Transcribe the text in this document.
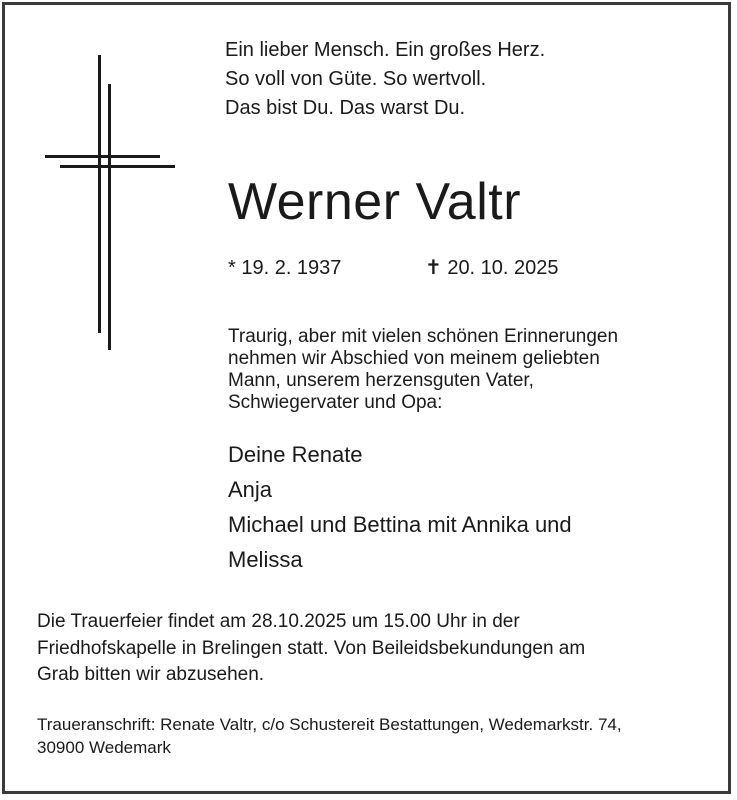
Ein lieber Mensch. Ein großes Herz.
So voll von Güte. So wertvoll.
Das bist Du. Das warst Du.
Werner Valtr
* 19. 2. 1937	✝ 20. 10. 2025
Traurig, aber mit vielen schönen Erinnerungen
nehmen wir Abschied von meinem geliebten
Mann, unserem herzensguten Vater,
Schwiegervater und Opa:
Deine Renate
Anja
Michael und Bettina mit Annika und
Melissa
Die Trauerfeier findet am 28.10.2025 um 15.00 Uhr in der
Friedhofskapelle in Brelingen statt. Von Beileidsbekundungen am
Grab bitten wir abzusehen.
Traueranschrift: Renate Valtr, c/o Schustereit Bestattungen, Wedemarkstr. 74,
30900 Wedemark
